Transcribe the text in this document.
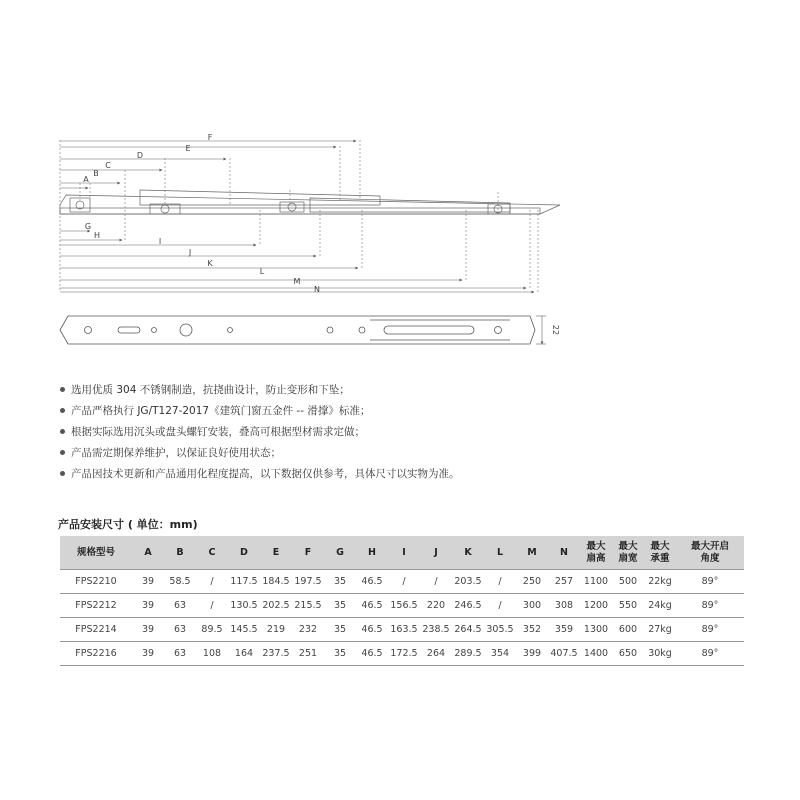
A
B
C
D
E
F
G
H
I
J
K
L
M
N
22
选用优质 304 不锈钢制造，抗挠曲设计，防止变形和下坠；
产品严格执行 JG/T127-2017《建筑门窗五金件 -- 滑撑》标准；
根据实际选用沉头或盘头螺钉安装，叠高可根据型材需求定做；
产品需定期保养维护，以保证良好使用状态；
产品因技术更新和产品通用化程度提高，以下数据仅供参考，具体尺寸以实物为准。
产品安装尺寸 ( 单位：mm)
规格型号	A	B	C	D	E	F	G	H	I	J	K	L	M	N	最大扇高	最大扇宽	最大承重	最大开启角度
FPS2210	39	58.5	/	117.5	184.5	197.5	35	46.5	/	/	203.5	/	250	257	1100	500	22kg	89°
FPS2212	39	63	/	130.5	202.5	215.5	35	46.5	156.5	220	246.5	/	300	308	1200	550	24kg	89°
FPS2214	39	63	89.5	145.5	219	232	35	46.5	163.5	238.5	264.5	305.5	352	359	1300	600	27kg	89°
FPS2216	39	63	108	164	237.5	251	35	46.5	172.5	264	289.5	354	399	407.5	1400	650	30kg	89°
